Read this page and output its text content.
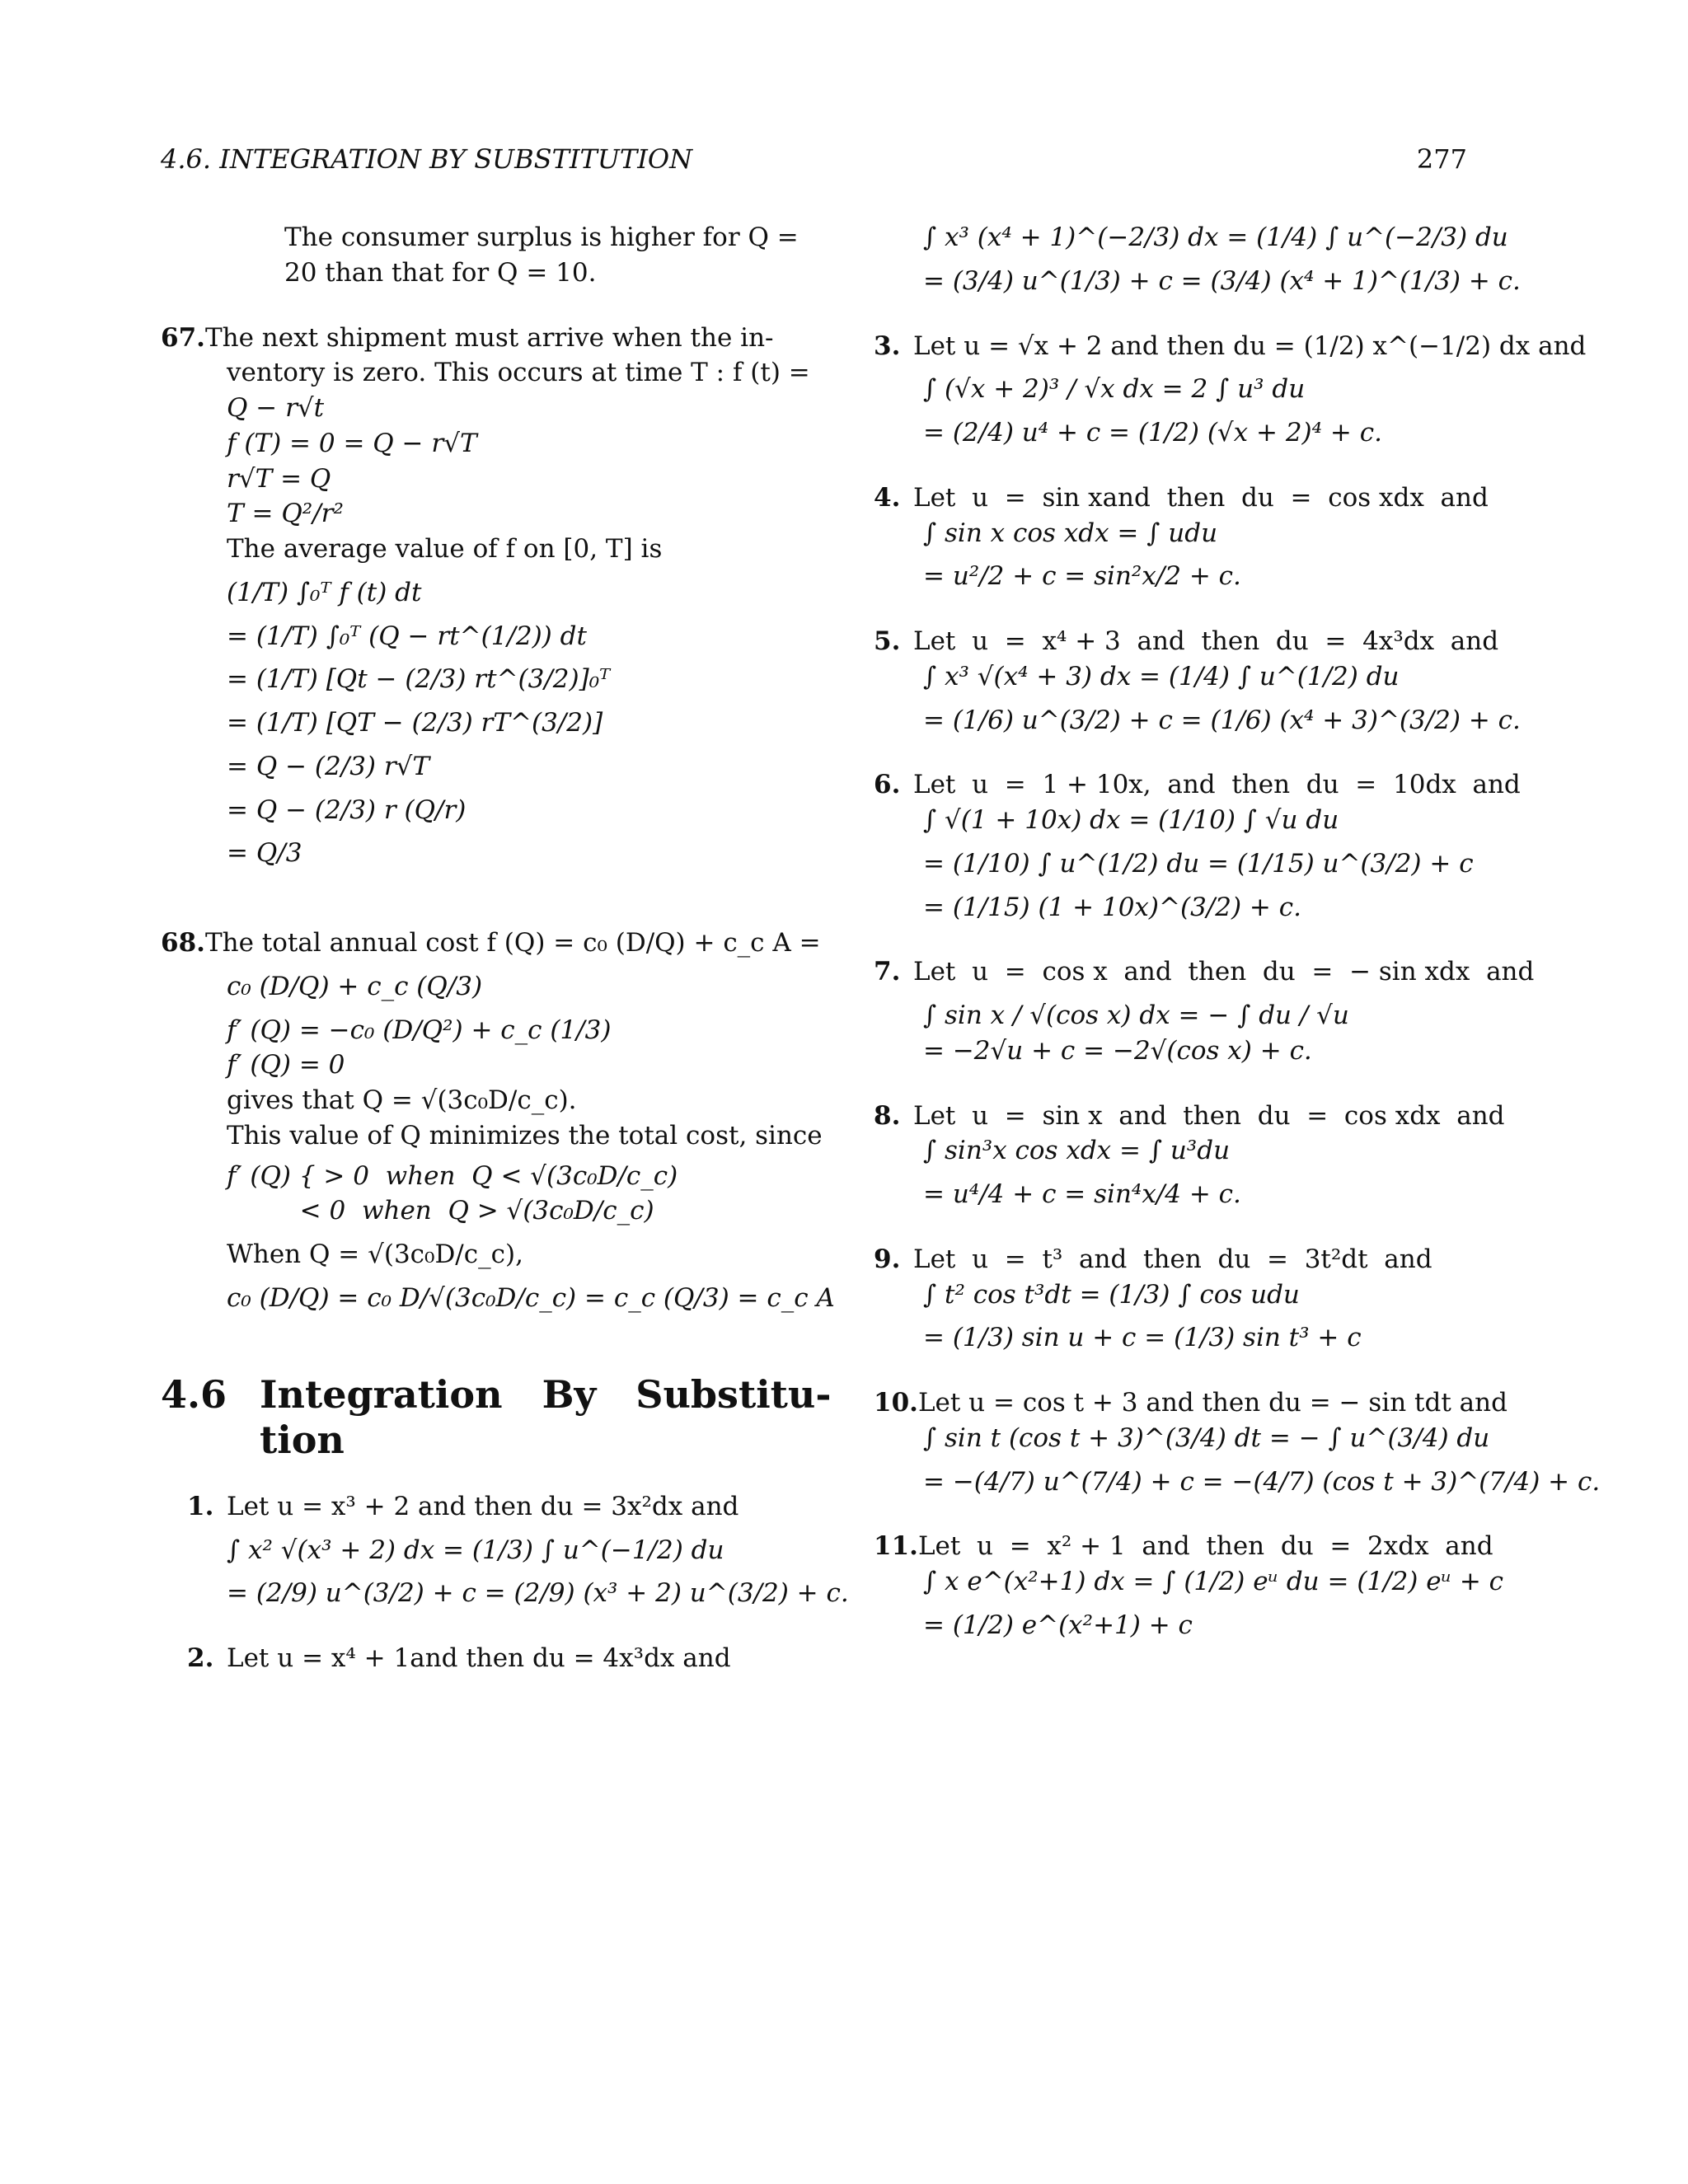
4.6. INTEGRATION BY SUBSTITUTION	277
The consumer surplus is higher for Q =
20 than that for Q = 10.
67.The next shipment must arrive when the in-
ventory is zero. This occurs at time T : f (t) =
Q − r√t
f (T) = 0 = Q − r√T
r√T = Q
T = Q²/r²
The average value of f on [0, T] is
(1/T) ∫₀ᵀ f (t) dt
= (1/T) ∫₀ᵀ (Q − rt^(1/2)) dt
= (1/T) [Qt − (2/3) rt^(3/2)]₀ᵀ
= (1/T) [QT − (2/3) rT^(3/2)]
= Q − (2/3) r√T
= Q − (2/3) r (Q/r)
= Q/3
68.The total annual cost f (Q) = c₀ (D/Q) + c_c A =
c₀ (D/Q) + c_c (Q/3)
f′ (Q) = −c₀ (D/Q²) + c_c (1/3)
f′ (Q) = 0
gives that Q = √(3c₀D/c_c).
This value of Q minimizes the total cost, since
f′ (Q) { > 0  when  Q < √(3c₀D/c_c)
< 0  when  Q > √(3c₀D/c_c)
When Q = √(3c₀D/c_c),
c₀ (D/Q) = c₀ D/√(3c₀D/c_c) = c_c (Q/3) = c_c A
4.6 Integration   By   Substitu-
tion
1. Let u = x³ + 2 and then du = 3x²dx and
∫ x² √(x³ + 2) dx = (1/3) ∫ u^(−1/2) du
= (2/9) u^(3/2) + c = (2/9) (x³ + 2) u^(3/2) + c.
2. Let u = x⁴ + 1and then du = 4x³dx and
∫ x³ (x⁴ + 1)^(−2/3) dx = (1/4) ∫ u^(−2/3) du
= (3/4) u^(1/3) + c = (3/4) (x⁴ + 1)^(1/3) + c.
3. Let u = √x + 2 and then du = (1/2) x^(−1/2) dx and
∫ (√x + 2)³ / √x dx = 2 ∫ u³ du
= (2/4) u⁴ + c = (1/2) (√x + 2)⁴ + c.
4. Let  u  =  sin xand  then  du  =  cos xdx  and
∫ sin x cos xdx = ∫ udu
= u²/2 + c = sin²x/2 + c.
5. Let  u  =  x⁴ + 3  and  then  du  =  4x³dx  and
∫ x³ √(x⁴ + 3) dx = (1/4) ∫ u^(1/2) du
= (1/6) u^(3/2) + c = (1/6) (x⁴ + 3)^(3/2) + c.
6. Let  u  =  1 + 10x,  and  then  du  =  10dx  and
∫ √(1 + 10x) dx = (1/10) ∫ √u du
= (1/10) ∫ u^(1/2) du = (1/15) u^(3/2) + c
= (1/15) (1 + 10x)^(3/2) + c.
7. Let  u  =  cos x  and  then  du  =  − sin xdx  and
∫ sin x / √(cos x) dx = − ∫ du / √u
= −2√u + c = −2√(cos x) + c.
8. Let  u  =  sin x  and  then  du  =  cos xdx  and
∫ sin³x cos xdx = ∫ u³du
= u⁴/4 + c = sin⁴x/4 + c.
9. Let  u  =  t³  and  then  du  =  3t²dt  and
∫ t² cos t³dt = (1/3) ∫ cos udu
= (1/3) sin u + c = (1/3) sin t³ + c
10.Let u = cos t + 3 and then du = − sin tdt and
∫ sin t (cos t + 3)^(3/4) dt = − ∫ u^(3/4) du
= −(4/7) u^(7/4) + c = −(4/7) (cos t + 3)^(7/4) + c.
11.Let  u  =  x² + 1  and  then  du  =  2xdx  and
∫ x e^(x²+1) dx = ∫ (1/2) eᵘ du = (1/2) eᵘ + c
= (1/2) e^(x²+1) + c
